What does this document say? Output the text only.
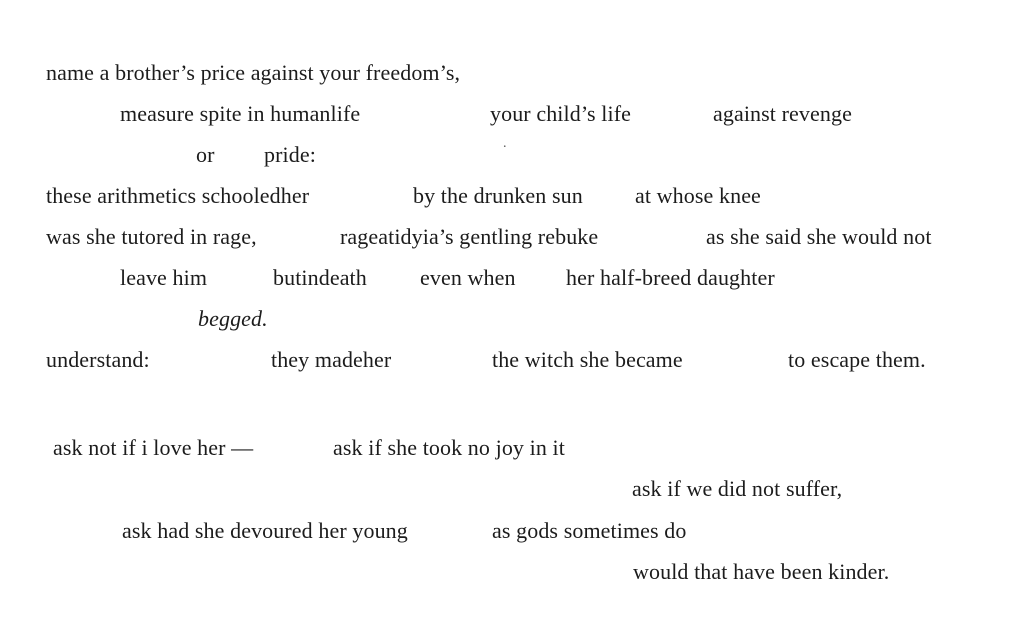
.
name a brother’s price against your freedom’s,
measure spite in humanlife	your child’s life	against revenge
or pride:
these arithmetics schooledher	by the drunken sun at whose knee
was she tutored in rage,	rageatidyia’s gentling rebuke	as she said she would not
leave him	butindeath even when her half-breed daughter
begged.
understand:	they madeher	the witch she became	to escape them.
ask not if i love her —	ask if she took no joy in it
ask if we did not suffer,
ask had she devoured her young	as gods sometimes do
would that have been kinder.
